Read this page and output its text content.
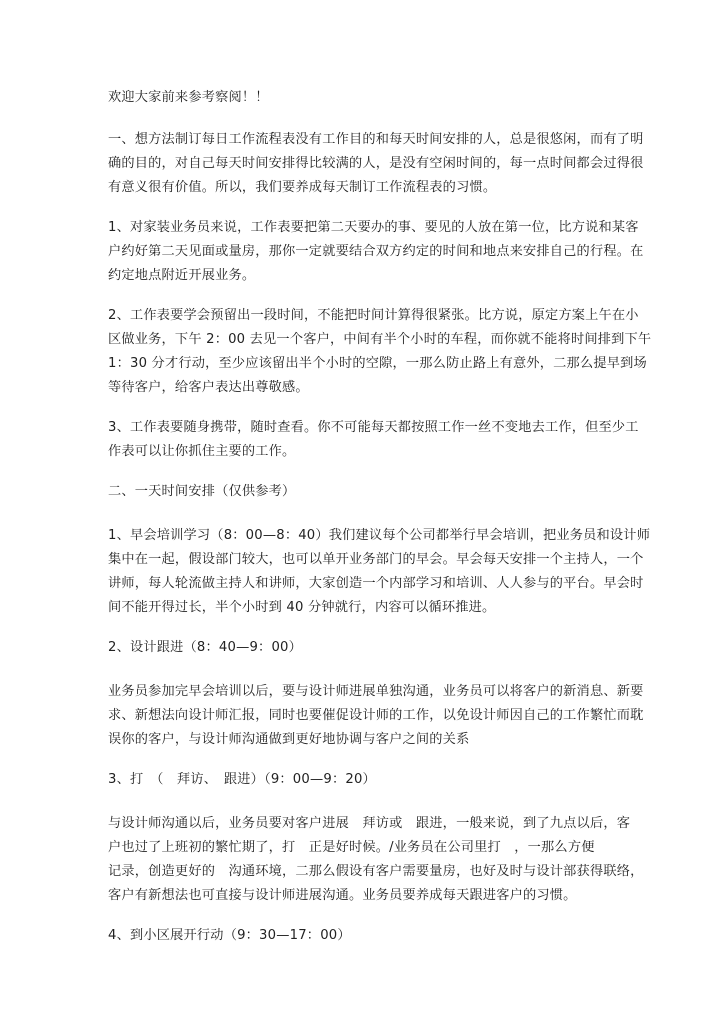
欢迎大家前来参考察阅！！

一、想方法制订每日工作流程表没有工作目的和每天时间安排的人，总是很悠闲，而有了明
确的目的，对自己每天时间安排得比较满的人，是没有空闲时间的，每一点时间都会过得很
有意义很有价值。所以，我们要养成每天制订工作流程表的习惯。

1、对家装业务员来说，工作表要把第二天要办的事、要见的人放在第一位，比方说和某客
户约好第二天见面或量房，那你一定就要结合双方约定的时间和地点来安排自己的行程。在
约定地点附近开展业务。

2、工作表要学会预留出一段时间，不能把时间计算得很紧张。比方说，原定方案上午在小
区做业务，下午 2：00 去见一个客户，中间有半个小时的车程，而你就不能将时间排到下午
1：30 分才行动，至少应该留出半个小时的空隙，一那么防止路上有意外，二那么提早到场
等待客户，给客户表达出尊敬感。

3、工作表要随身携带，随时查看。你不可能每天都按照工作一丝不变地去工作，但至少工
作表可以让你抓住主要的工作。

二、一天时间安排（仅供参考）

1、早会培训学习（8：00—8：40）我们建议每个公司都举行早会培训，把业务员和设计师
集中在一起，假设部门较大，也可以单开业务部门的早会。早会每天安排一个主持人，一个
讲师，每人轮流做主持人和讲师，大家创造一个内部学习和培训、人人参与的平台。早会时
间不能开得过长，半个小时到 40 分钟就行，内容可以循环推进。

2、设计跟进（8：40—9：00）

业务员参加完早会培训以后，要与设计师进展单独沟通，业务员可以将客户的新消息、新要
求、新想法向设计师汇报，同时也要催促设计师的工作，以免设计师因自己的工作繁忙而耽
误你的客户，与设计师沟通做到更好地协调与客户之间的关系

3、打　（　拜访、　跟进）（9：00—9：20）

与设计师沟通以后，业务员要对客户进展　拜访或　跟进，一般来说，到了九点以后，客
户也过了上班初的繁忙期了，打　正是好时候。/业务员在公司里打　，一那么方便
记录，创造更好的　沟通环境，二那么假设有客户需要量房，也好及时与设计部获得联络，
客户有新想法也可直接与设计师进展沟通。业务员要养成每天跟进客户的习惯。

4、到小区展开行动（9：30—17：00）
